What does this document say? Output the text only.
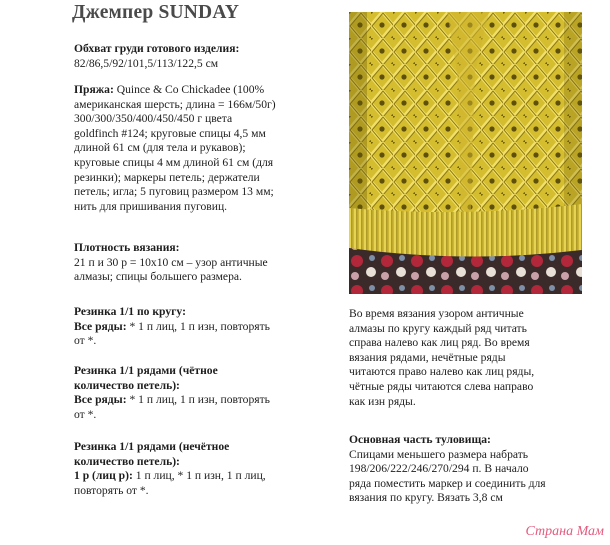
Джемпер SUNDAY
Обхват груди готового изделия:
82/86,5/92/101,5/113/122,5 см
Пряжа: Quince & Co Chickadee (100%
американская шерсть; длина = 166м/50г)
300/300/350/400/450/450 г цвета
goldfinch #124; круговые спицы 4,5 мм
длиной 61 см (для тела и рукавов);
круговые спицы 4 мм длиной 61 см (для
резинки); маркеры петель; держатели
петель; игла; 5 пуговиц размером 13 мм;
нить для пришивания пуговиц.
Плотность вязания:
21 п и 30 р = 10х10 см – узор античные
алмазы; спицы большего размера.
Резинка 1/1 по кругу:
Все ряды: * 1 п лиц, 1 п изн, повторять
от *.
Резинка 1/1 рядами (чётное
количество петель):
Все ряды: * 1 п лиц, 1 п изн, повторять
от *.
Резинка 1/1 рядами (нечётное
количество петель):
1 р (лиц р): 1 п лиц, * 1 п изн, 1 п лиц,
повторять от *.
Во время вязания узором античные
алмазы по кругу каждый ряд читать
справа налево как лиц ряд. Во время
вязания рядами, нечётные ряды
читаются право налево как лиц ряды,
чётные ряды читаются слева направо
как изн ряды.
Основная часть туловища:
Спицами меньшего размера набрать
198/206/222/246/270/294 п. В начало
ряда поместить маркер и соединить для
вязания по кругу. Вязать 3,8 см
Страна Мам
